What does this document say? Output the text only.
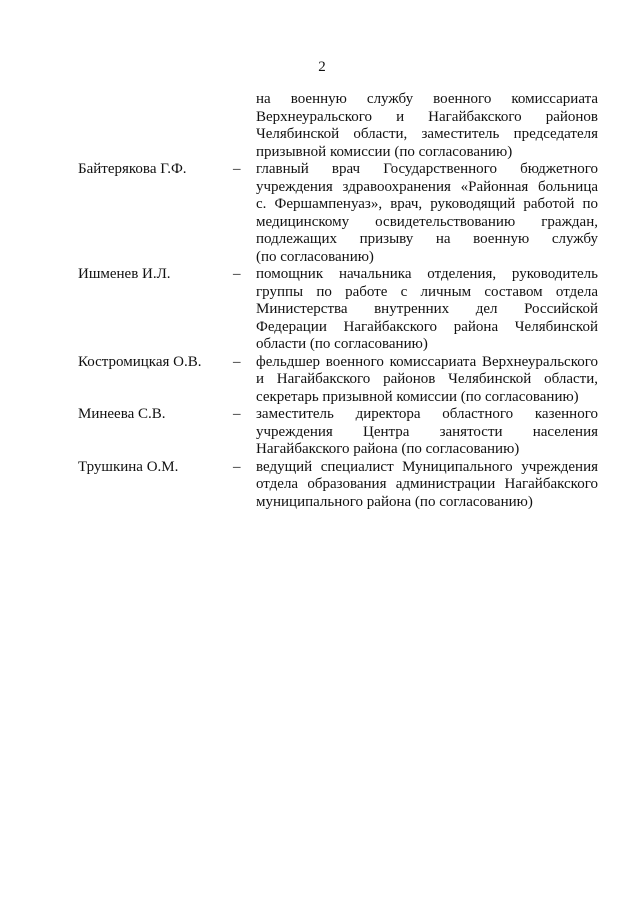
2
на военную службу военного комиссариата
Верхнеуральского и Нагайбакского районов
Челябинской области, заместитель председателя
призывной комиссии (по согласованию)
Байтерякова Г.Ф.	–	главный врач Государственного бюджетного
учреждения здравоохранения «Районная больница
с. Фершампенуаз», врач, руководящий работой по
медицинскому освидетельствованию граждан,
подлежащих призыву на военную службу
(по согласованию)
Ишменев И.Л.	–	помощник начальника отделения, руководитель
группы по работе с личным составом отдела
Министерства внутренних дел Российской
Федерации Нагайбакского района Челябинской
области (по согласованию)
Костромицкая О.В.	–	фельдшер военного комиссариата Верхнеуральского
и Нагайбакского районов Челябинской области,
секретарь призывной комиссии (по согласованию)
Минеева С.В.	–	заместитель директора областного казенного
учреждения Центра занятости населения
Нагайбакского района (по согласованию)
Трушкина О.М.	–	ведущий специалист Муниципального учреждения
отдела образования администрации Нагайбакского
муниципального района (по согласованию)
